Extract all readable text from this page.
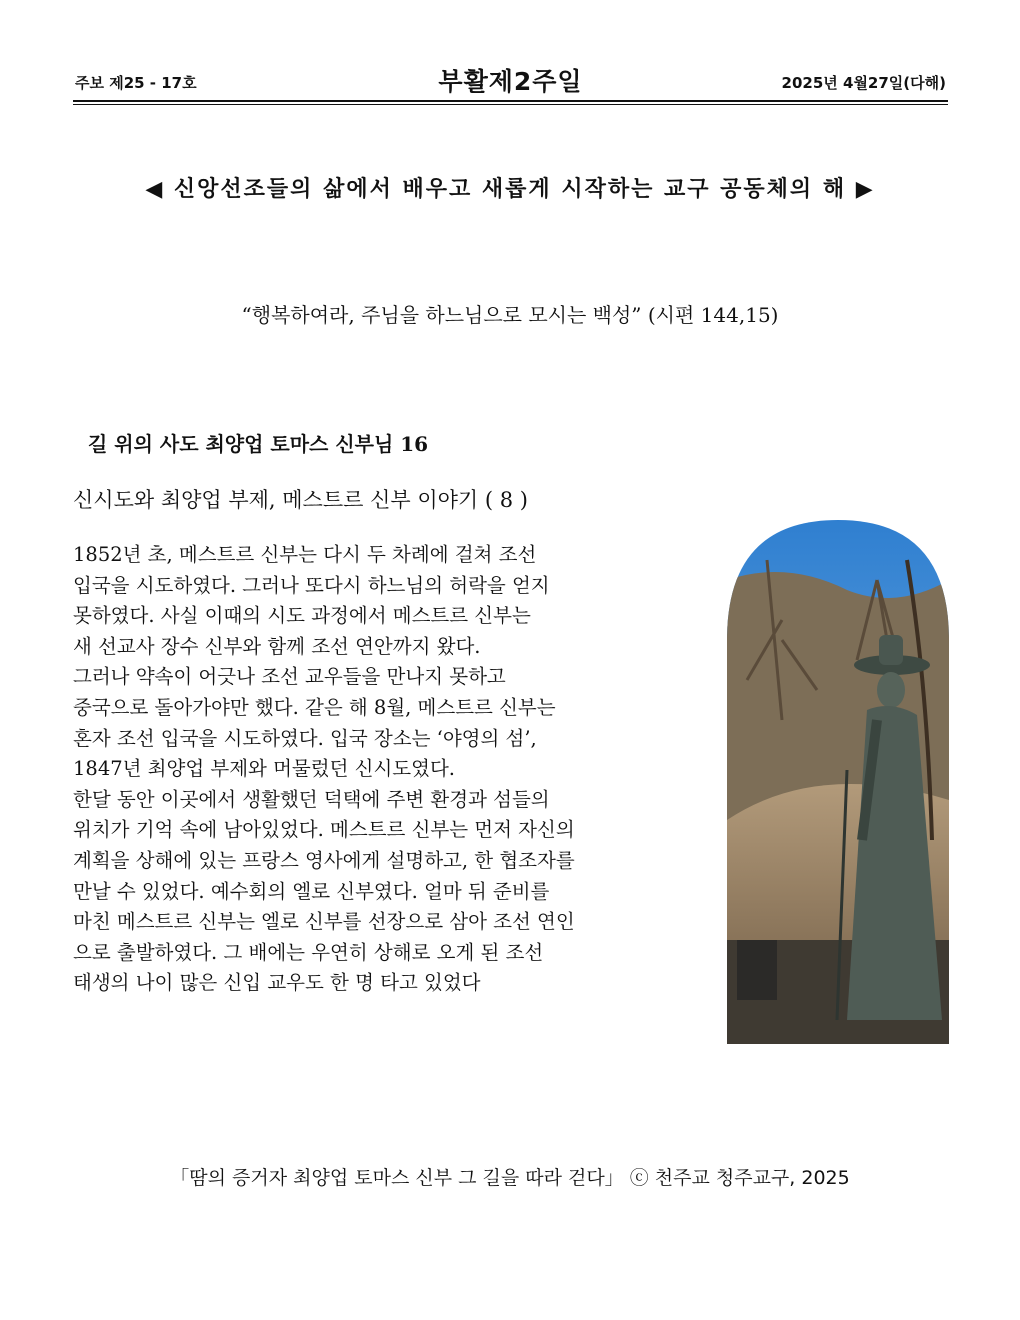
주보 제25 - 17호	부활제2주일	2025년 4월27일(다해)
◀ 신앙선조들의 삶에서 배우고 새롭게 시작하는 교구 공동체의 해 ▶
“행복하여라, 주님을 하느님으로 모시는 백성” (시편 144,15)
길 위의 사도 최양업 토마스 신부님 16
신시도와 최양업 부제, 메스트르 신부 이야기 ( 8 )
1852년 초, 메스트르 신부는 다시 두 차례에 걸쳐 조선
입국을 시도하였다. 그러나 또다시 하느님의 허락을 얻지
못하였다. 사실 이때의 시도 과정에서 메스트르 신부는
새 선교사 장수 신부와 함께 조선 연안까지 왔다.
그러나 약속이 어긋나 조선 교우들을 만나지 못하고
중국으로 돌아가야만 했다. 같은 해 8월, 메스트르 신부는
혼자 조선 입국을 시도하였다. 입국 장소는 ‘야영의 섬’,
1847년 최양업 부제와 머물렀던 신시도였다.
한달 동안 이곳에서 생활했던 덕택에 주변 환경과 섬들의
위치가 기억 속에 남아있었다. 메스트르 신부는 먼저 자신의
계획을 상해에 있는 프랑스 영사에게 설명하고, 한 협조자를
만날 수 있었다. 예수회의 엘로 신부였다. 얼마 뒤 준비를
마친 메스트르 신부는 엘로 신부를 선장으로 삼아 조선 연인
으로 출발하였다. 그 배에는 우연히 상해로 오게 된 조선
태생의 나이 많은 신입 교우도 한 명 타고 있었다
「땀의 증거자 최양업 토마스 신부 그 길을 따라 걷다」 ⓒ 천주교 청주교구, 2025
